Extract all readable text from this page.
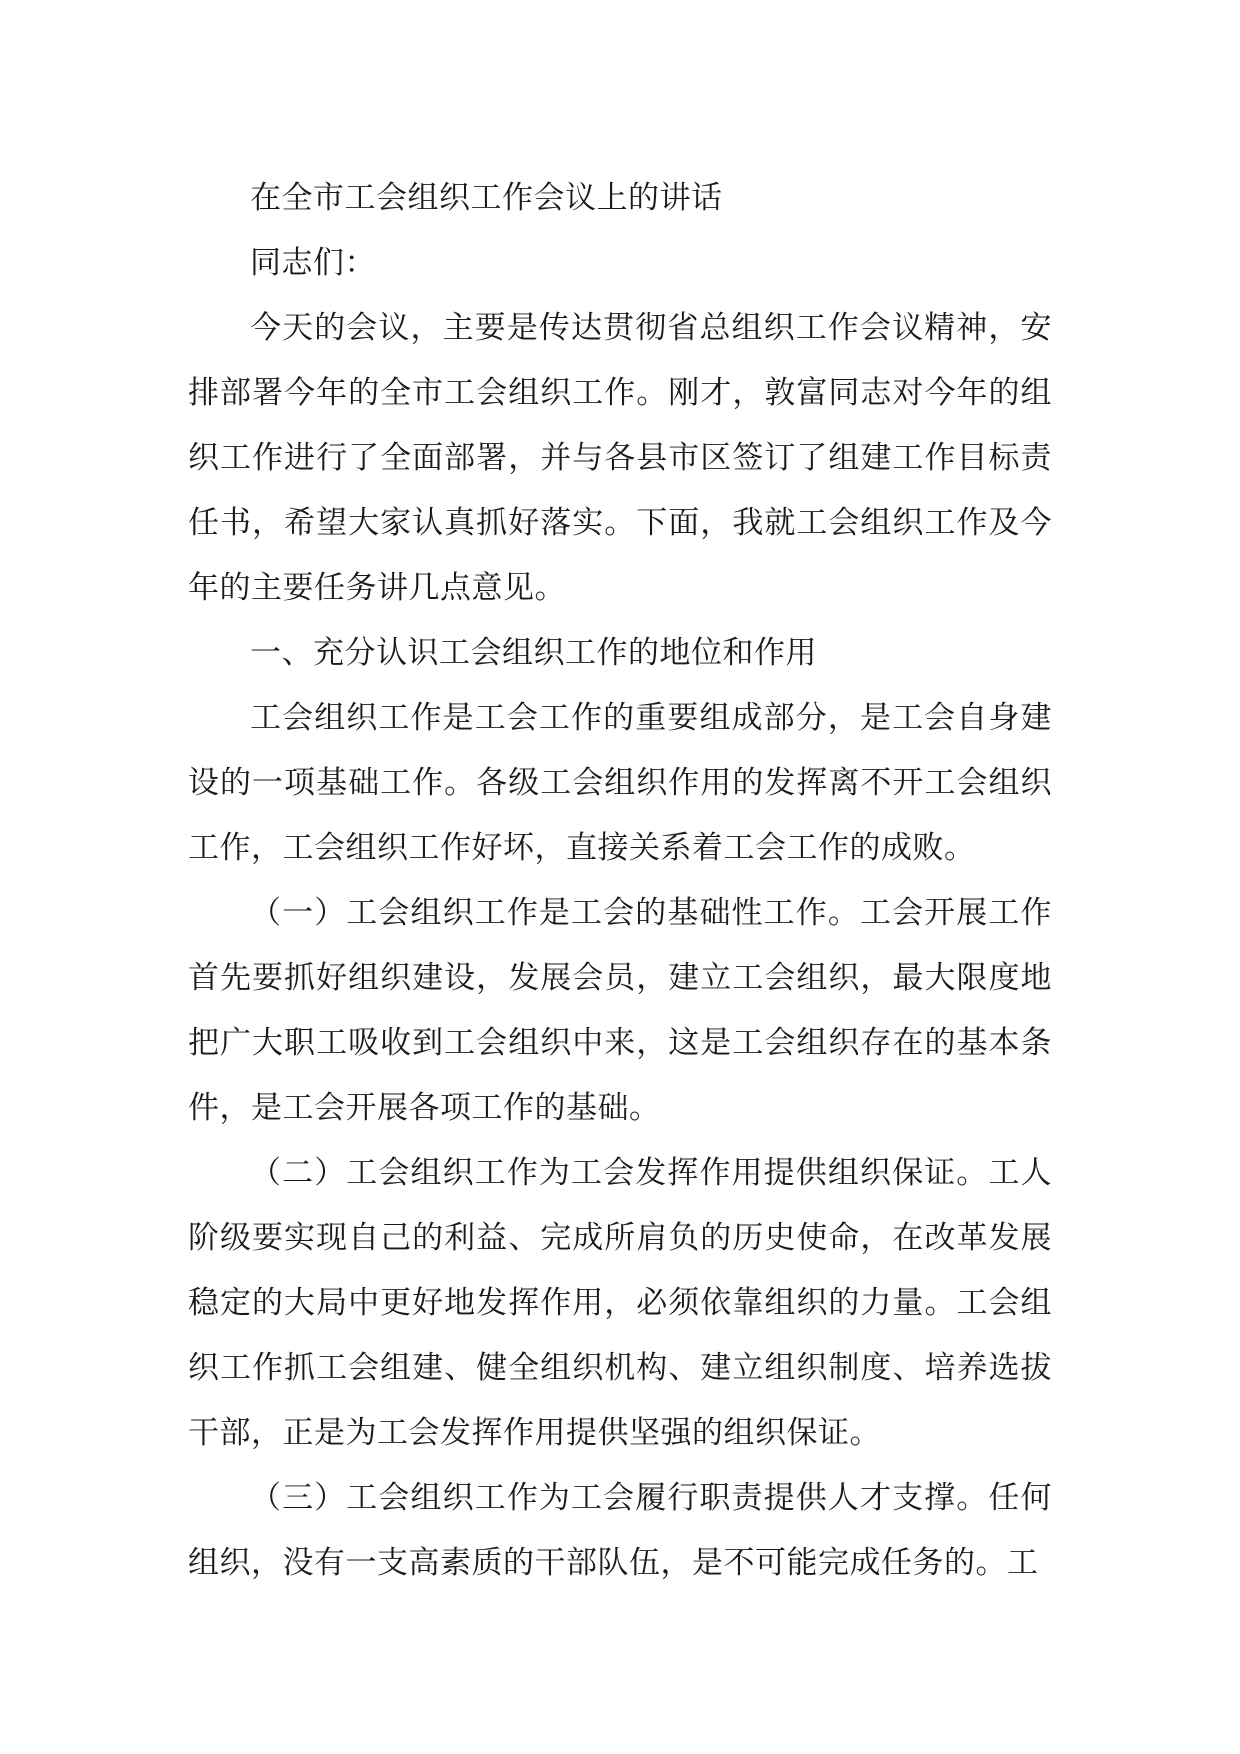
在全市工会组织工作会议上的讲话

同志们：

今天的会议，主要是传达贯彻省总组织工作会议精神，安排部署今年的全市工会组织工作。刚才，敦富同志对今年的组织工作进行了全面部署，并与各县市区签订了组建工作目标责任书，希望大家认真抓好落实。下面，我就工会组织工作及今年的主要任务讲几点意见。

一、充分认识工会组织工作的地位和作用

工会组织工作是工会工作的重要组成部分，是工会自身建设的一项基础工作。各级工会组织作用的发挥离不开工会组织工作，工会组织工作好坏，直接关系着工会工作的成败。

（一）工会组织工作是工会的基础性工作。工会开展工作首先要抓好组织建设，发展会员，建立工会组织，最大限度地把广大职工吸收到工会组织中来，这是工会组织存在的基本条件，是工会开展各项工作的基础。

（二）工会组织工作为工会发挥作用提供组织保证。工人阶级要实现自己的利益、完成所肩负的历史使命，在改革发展稳定的大局中更好地发挥作用，必须依靠组织的力量。工会组织工作抓工会组建、健全组织机构、建立组织制度、培养选拔干部，正是为工会发挥作用提供坚强的组织保证。

（三）工会组织工作为工会履行职责提供人才支撑。任何组织，没有一支高素质的干部队伍，是不可能完成任务的。工
